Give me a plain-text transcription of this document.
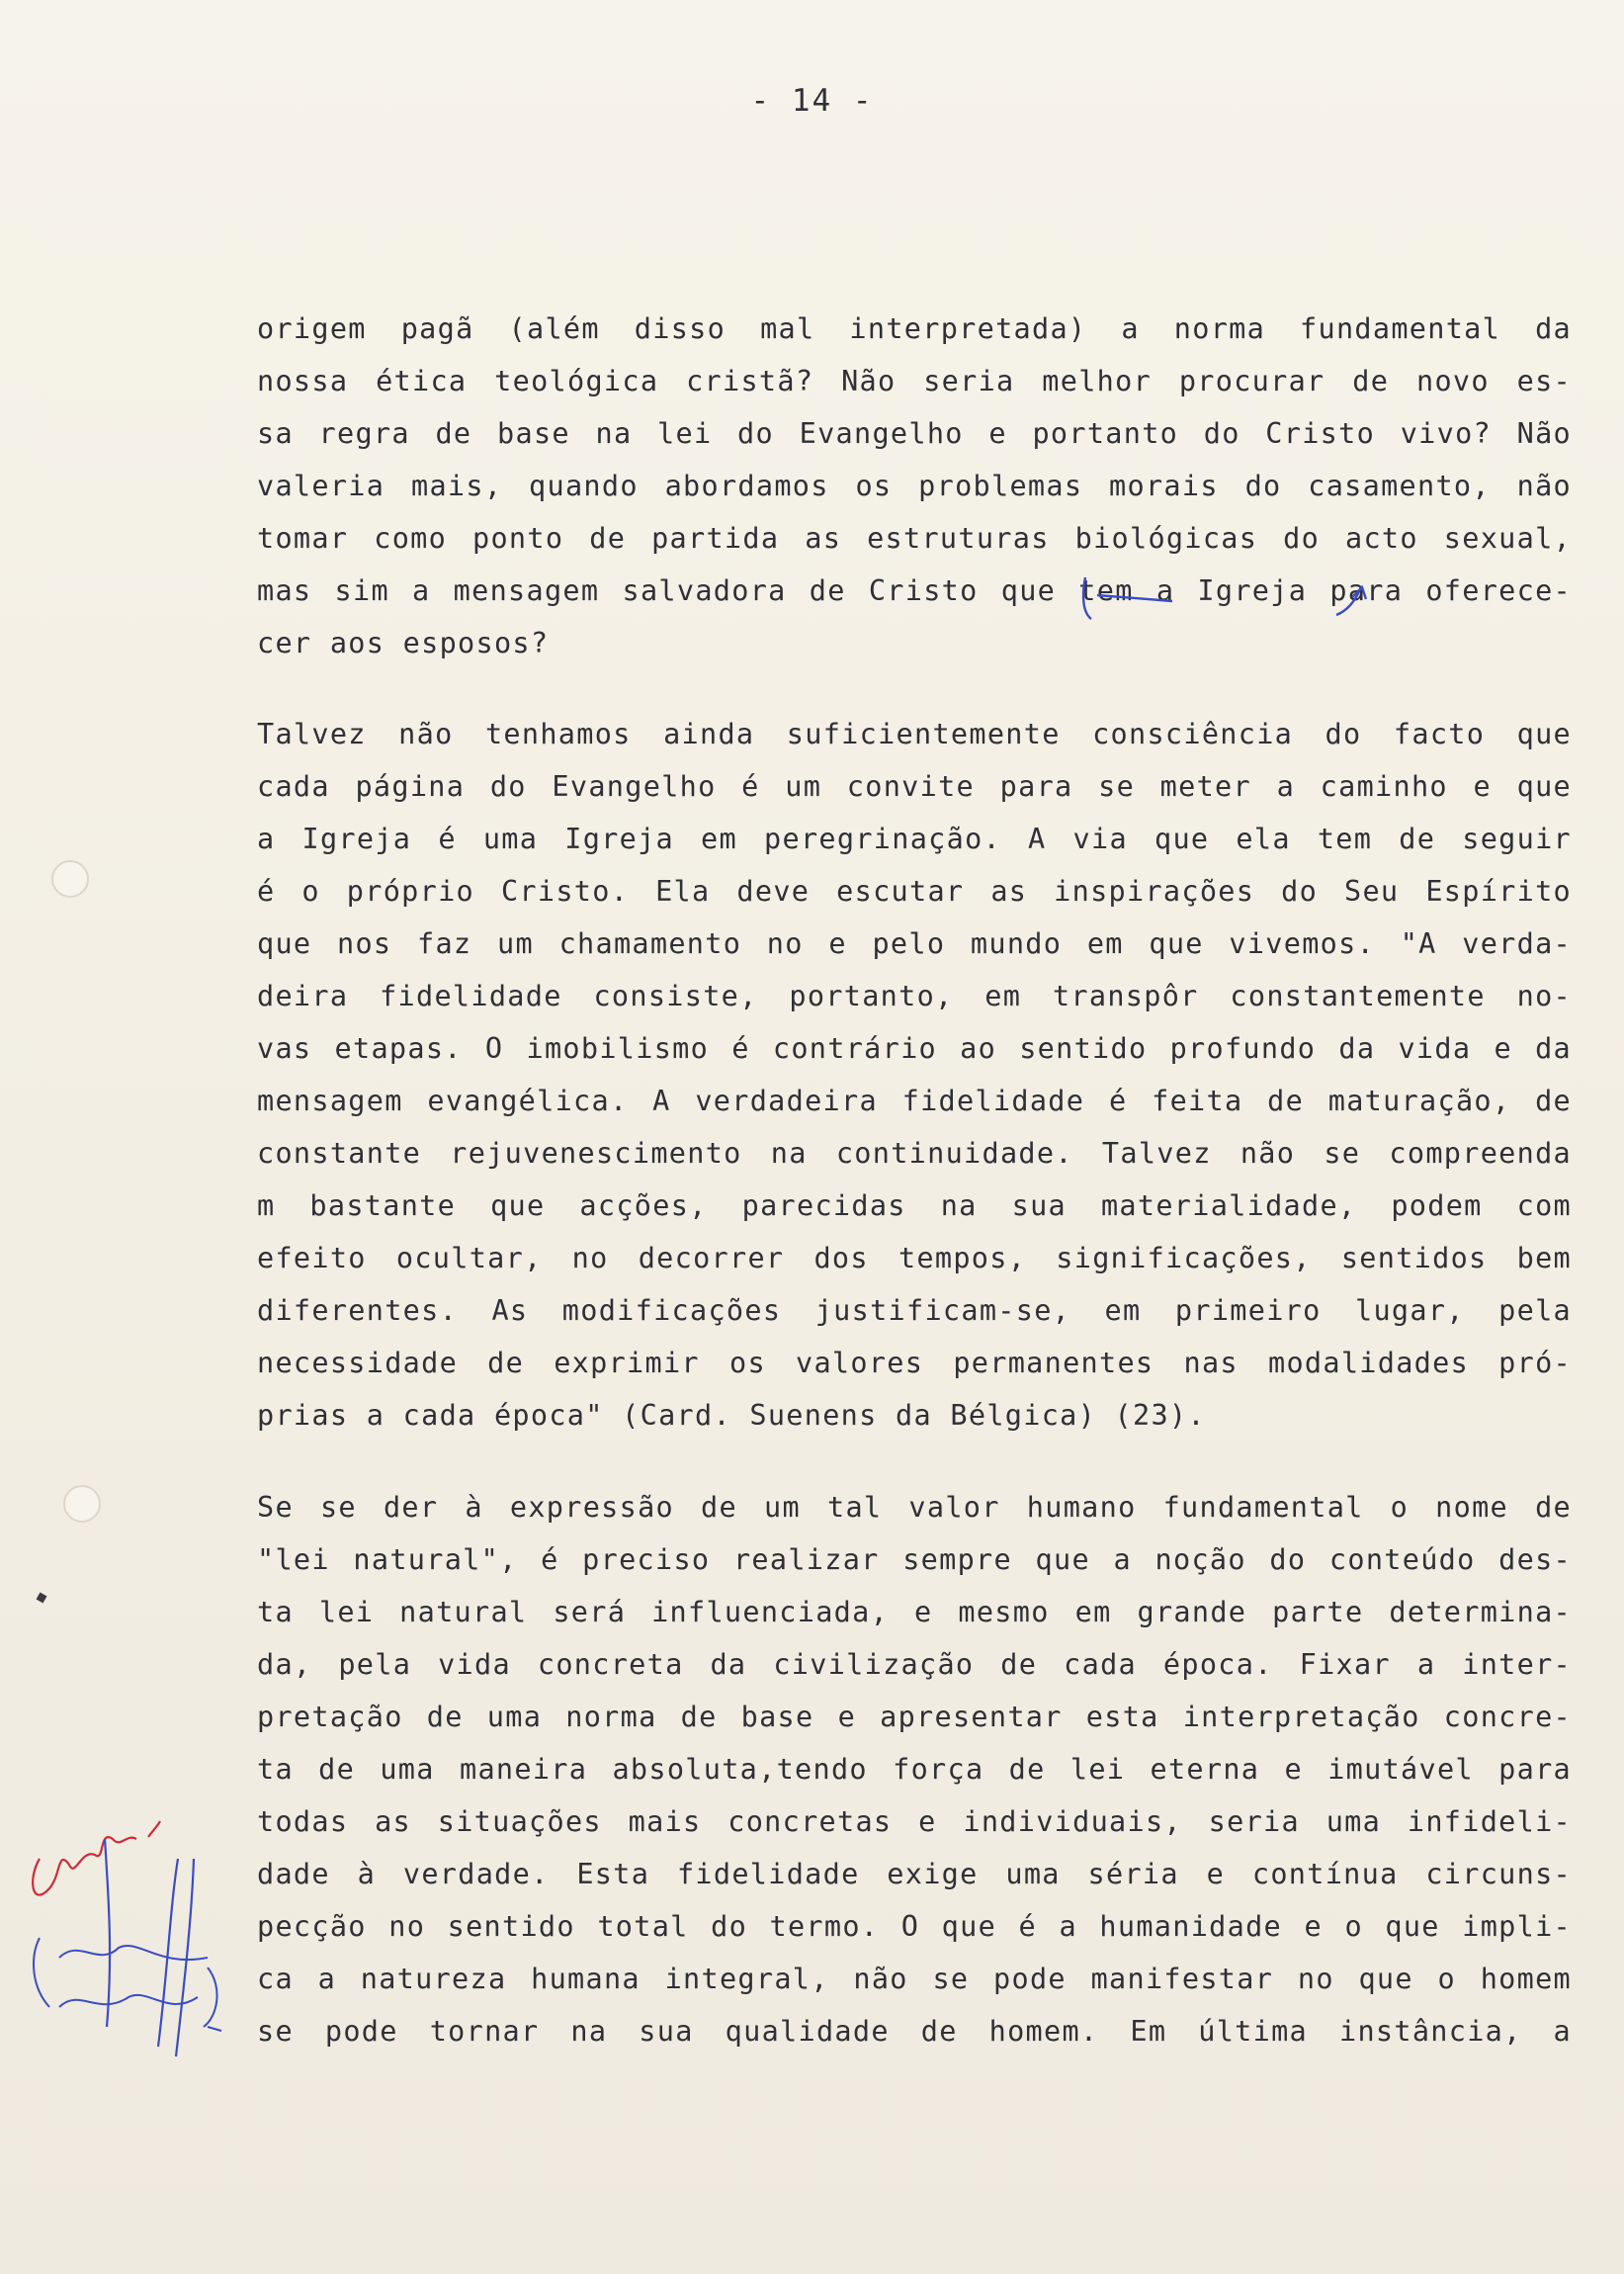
- 14 -
origem pagã (além disso mal interpretada) a norma fundamental da
nossa ética teológica cristã? Não seria melhor procurar de novo es-
sa regra de base na lei do Evangelho e portanto do Cristo vivo? Não
valeria mais, quando abordamos os problemas morais do casamento, não
tomar como ponto de partida as estruturas biológicas do acto sexual,
mas sim a mensagem salvadora de Cristo que tem a Igreja para oferece-
cer aos esposos?
Talvez não tenhamos ainda suficientemente consciência do facto que
cada página do Evangelho é um convite para se meter a caminho e que
a Igreja é uma Igreja em peregrinação. A via que ela tem de seguir
é o próprio Cristo. Ela deve escutar as inspirações do Seu Espírito
que nos faz um chamamento no e pelo mundo em que vivemos. "A verda-
deira fidelidade consiste, portanto, em transpôr constantemente no-
vas etapas. O imobilismo é contrário ao sentido profundo da vida e da
mensagem evangélica. A verdadeira fidelidade é feita de maturação, de
constante rejuvenescimento na continuidade. Talvez não se compreenda
m bastante que acções, parecidas na sua materialidade, podem com
efeito ocultar, no decorrer dos tempos, significações, sentidos bem
diferentes. As modificações justificam-se, em primeiro lugar, pela
necessidade de exprimir os valores permanentes nas modalidades pró-
prias a cada época" (Card. Suenens da Bélgica) (23).
Se se der à expressão de um tal valor humano fundamental o nome de
"lei natural", é preciso realizar sempre que a noção do conteúdo des-
ta lei natural será influenciada, e mesmo em grande parte determina-
da, pela vida concreta da civilização de cada época. Fixar a inter-
pretação de uma norma de base e apresentar esta interpretação concre-
ta de uma maneira absoluta,tendo força de lei eterna e imutável para
todas as situações mais concretas e individuais, seria uma infideli-
dade à verdade. Esta fidelidade exige uma séria e contínua circuns-
pecção no sentido total do termo. O que é a humanidade e o que impli-
ca a natureza humana integral, não se pode manifestar no que o homem
se pode tornar na sua qualidade de homem. Em última instância, a
